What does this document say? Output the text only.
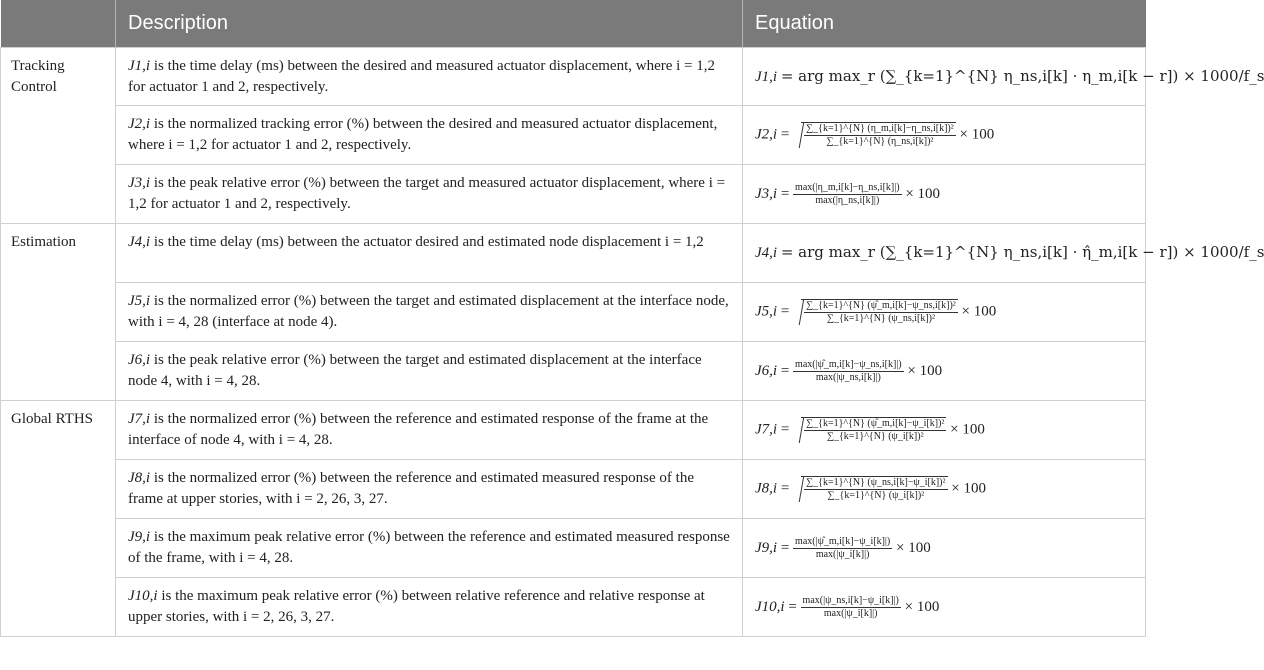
	Description	Equation
Tracking Control	J1,i is the time delay (ms) between the desired and measured actuator displacement, where i = 1,2 for actuator 1 and 2, respectively.	J1,i = arg max_r (∑_{k=1}^{N} η_ns,i[k] · η_m,i[k − r]) × 1000/f_s
	J2,i is the normalized tracking error (%) between the desired and measured actuator displacement, where i = 1,2 for actuator 1 and 2, respectively.	$J2,i = \frac{\text{∑\_\{k=1\}\textasciicircum{}\{N\} (η\_m,i[k]−η\_ns,i[k])²}}{\text{∑\_\{k=1\}\textasciicircum{}\{N\} (η\_ns,i[k])²}} \times 100$
	J3,i is the peak relative error (%) between the target and measured actuator displacement, where i = 1,2 for actuator 1 and 2, respectively.	$J3,i = \frac{\max(|\eta\_m,i[k]-\eta\_ns,i[k]|)}{\max(|\eta\_ns,i[k]|)} \times 100$
Estimation	J4,i is the time delay (ms) between the actuator desired and estimated node displacement i = 1,2	J4,i = arg max_r (∑_{k=1}^{N} η_ns,i[k] · η̂_m,i[k − r]) × 1000/f_s
	J5,i is the normalized error (%) between the target and estimated displacement at the interface node, with i = 4, 28 (interface at node 4).	$J5,i = \frac{\text{∑\_\{k=1\}\textasciicircum{}\{N\} (ψ̂\_m,i[k]−ψ\_ns,i[k])²}}{\text{∑\_\{k=1\}\textasciicircum{}\{N\} (ψ\_ns,i[k])²}} \times 100$
	J6,i is the peak relative error (%) between the target and estimated displacement at the interface node 4, with i = 4, 28.	$J6,i = \frac{\max(|\psî\_m,i[k]-\psi\_ns,i[k]|)}{\max(|\psi\_ns,i[k]|)} \times 100$
Global RTHS	J7,i is the normalized error (%) between the reference and estimated response of the frame at the interface of node 4, with i = 4, 28.	$J7,i = \frac{\text{∑\_\{k=1\}\textasciicircum{}\{N\} (ψ̂\_m,i[k]−ψ\_i[k])²}}{\text{∑\_\{k=1\}\textasciicircum{}\{N\} (ψ\_i[k])²}} \times 100$
	J8,i is the normalized error (%) between the reference and estimated measured response of the frame at upper stories, with i = 2, 26, 3, 27.	$J8,i = \frac{\text{∑\_\{k=1\}\textasciicircum{}\{N\} (ψ\_ns,i[k]−ψ\_i[k])²}}{\text{∑\_\{k=1\}\textasciicircum{}\{N\} (ψ\_i[k])²}} \times 100$
	J9,i is the maximum peak relative error (%) between the reference and estimated measured response of the frame, with i = 4, 28.	$J9,i = \frac{\max(|\psî\_m,i[k]-\psi\_i[k]|)}{\max(|\psi\_i[k]|)} \times 100$
	J10,i is the maximum peak relative error (%) between relative reference and relative response at upper stories, with i = 2, 26, 3, 27.	$J10,i = \frac{\max(|\psi\_ns,i[k]-\psi\_i[k]|)}{\max(|\psi\_i[k]|)} \times 100$
